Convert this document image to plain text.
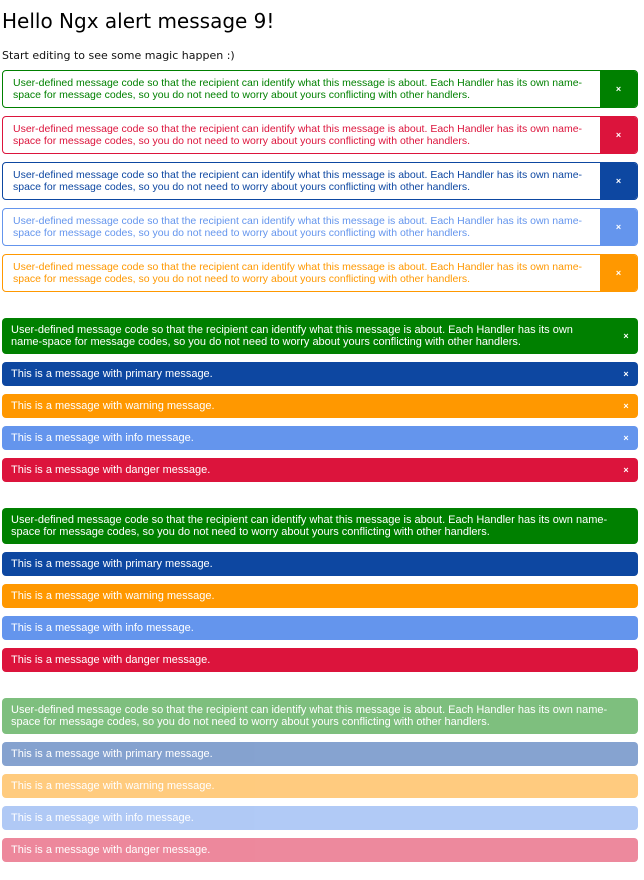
Hello Ngx alert message 9!

Start editing to see some magic happen :)

User-defined message code so that the recipient can identify what this message is about. Each Handler has its own name-space for message codes, so you do not need to worry about yours conflicting with other handlers.	×
User-defined message code so that the recipient can identify what this message is about. Each Handler has its own name-space for message codes, so you do not need to worry about yours conflicting with other handlers.	×
User-defined message code so that the recipient can identify what this message is about. Each Handler has its own name-space for message codes, so you do not need to worry about yours conflicting with other handlers.	×
User-defined message code so that the recipient can identify what this message is about. Each Handler has its own name-space for message codes, so you do not need to worry about yours conflicting with other handlers.	×
User-defined message code so that the recipient can identify what this message is about. Each Handler has its own name-space for message codes, so you do not need to worry about yours conflicting with other handlers.	×
User-defined message code so that the recipient can identify what this message is about. Each Handler has its own name-space for message codes, so you do not need to worry about yours conflicting with other handlers.	×
This is a message with primary message.	×
This is a message with warning message.	×
This is a message with info message.	×
This is a message with danger message.	×
User-defined message code so that the recipient can identify what this message is about. Each Handler has its own name-space for message codes, so you do not need to worry about yours conflicting with other handlers.
This is a message with primary message.
This is a message with warning message.
This is a message with info message.
This is a message with danger message.
User-defined message code so that the recipient can identify what this message is about. Each Handler has its own name-space for message codes, so you do not need to worry about yours conflicting with other handlers.
This is a message with primary message.
This is a message with warning message.
This is a message with info message.
This is a message with danger message.
